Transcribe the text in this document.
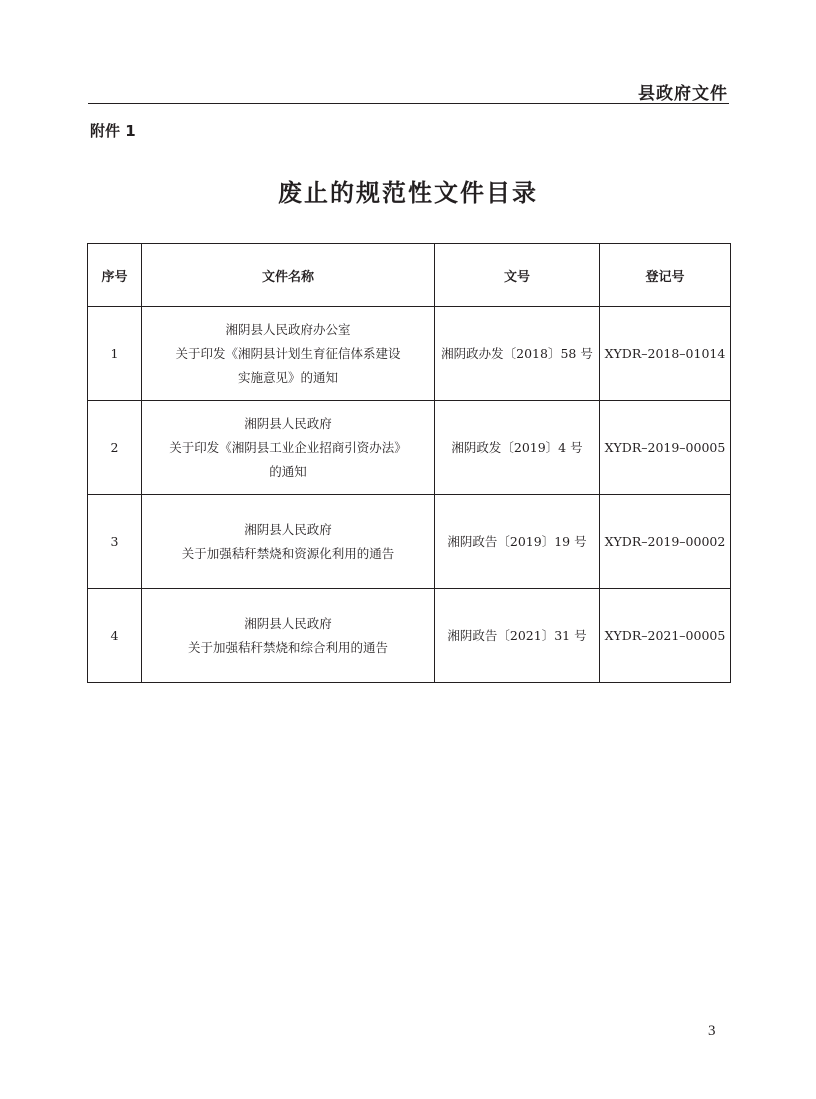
县政府文件
附件 1
废止的规范性文件目录
序号	文件名称	文号	登记号
1	湘阴县人民政府办公室
关于印发《湘阴县计划生育征信体系建设
实施意见》的通知	湘阴政办发〔2018〕58 号	XYDR–2018–01014
2	湘阴县人民政府
关于印发《湘阴县工业企业招商引资办法》
的通知	湘阴政发〔2019〕4 号	XYDR–2019–00005
3	湘阴县人民政府
关于加强秸秆禁烧和资源化利用的通告	湘阴政告〔2019〕19 号	XYDR–2019–00002
4	湘阴县人民政府
关于加强秸秆禁烧和综合利用的通告	湘阴政告〔2021〕31 号	XYDR–2021–00005
3
